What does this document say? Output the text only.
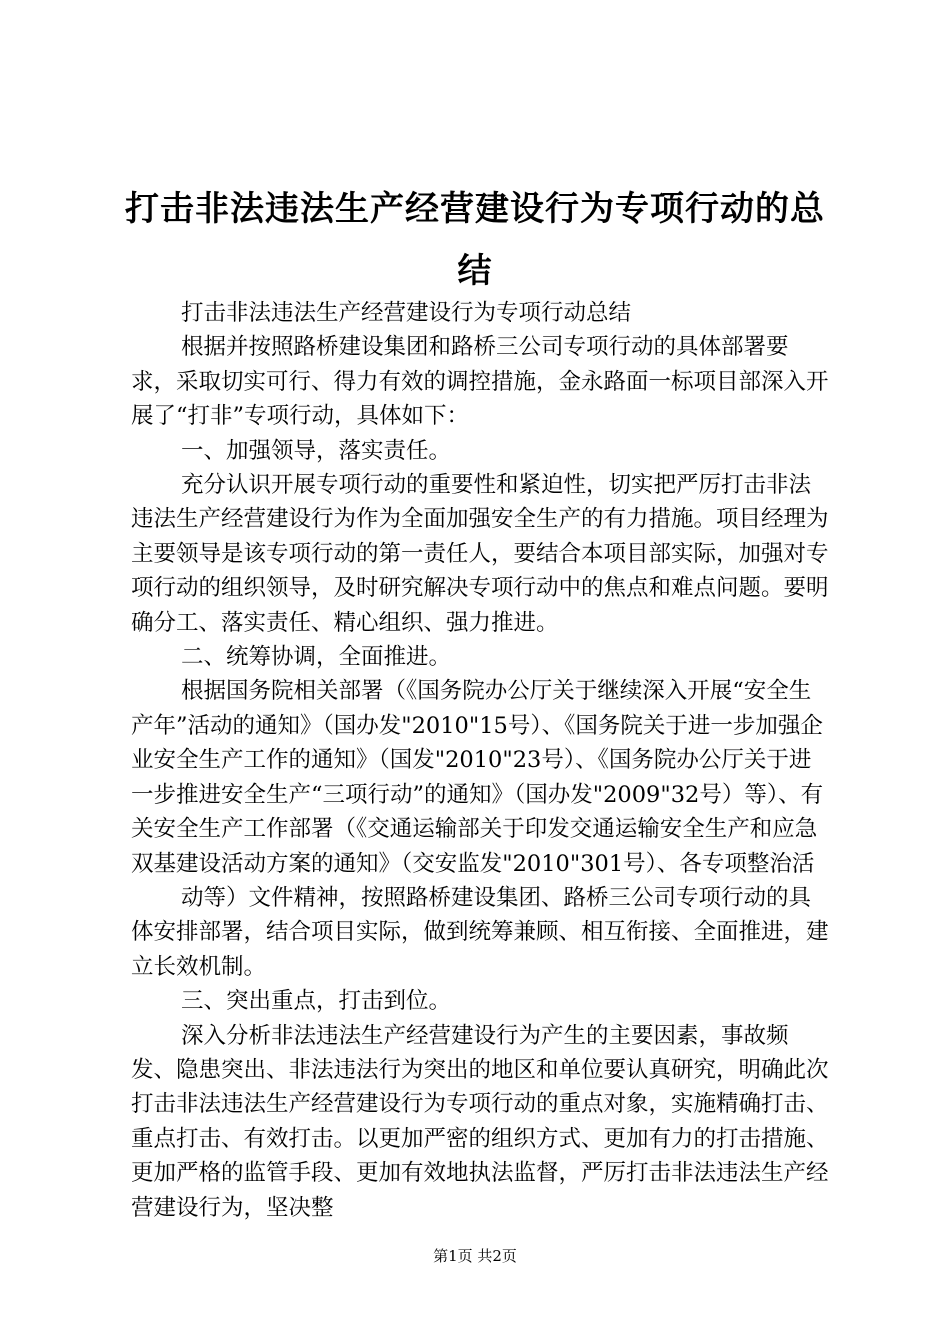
打击非法违法生产经营建设行为专项行动的总结

打击非法违法生产经营建设行为专项行动总结

根据并按照路桥建设集团和路桥三公司专项行动的具体部署要求，采取切实可行、得力有效的调控措施，金永路面一标项目部深入开展了“打非”专项行动，具体如下：

一、加强领导，落实责任。

充分认识开展专项行动的重要性和紧迫性，切实把严厉打击非法违法生产经营建设行为作为全面加强安全生产的有力措施。项目经理为主要领导是该专项行动的第一责任人，要结合本项目部实际，加强对专项行动的组织领导，及时研究解决专项行动中的焦点和难点问题。要明确分工、落实责任、精心组织、强力推进。

二、统筹协调，全面推进。

根据国务院相关部署（《国务院办公厅关于继续深入开展“安全生产年”活动的通知》（国办发"2010"15号）、《国务院关于进一步加强企业安全生产工作的通知》（国发"2010"23号）、《国务院办公厅关于进一步推进安全生产“三项行动”的通知》（国办发"2009"32号）等）、有关安全生产工作部署（《交通运输部关于印发交通运输安全生产和应急双基建设活动方案的通知》（交安监发"2010"301号）、各专项整治活

动等）文件精神，按照路桥建设集团、路桥三公司专项行动的具体安排部署，结合项目实际，做到统筹兼顾、相互衔接、全面推进，建立长效机制。

三、突出重点，打击到位。

深入分析非法违法生产经营建设行为产生的主要因素，事故频发、隐患突出、非法违法行为突出的地区和单位要认真研究，明确此次打击非法违法生产经营建设行为专项行动的重点对象，实施精确打击、重点打击、有效打击。以更加严密的组织方式、更加有力的打击措施、更加严格的监管手段、更加有效地执法监督，严厉打击非法违法生产经营建设行为，坚决整

第1页 共2页
